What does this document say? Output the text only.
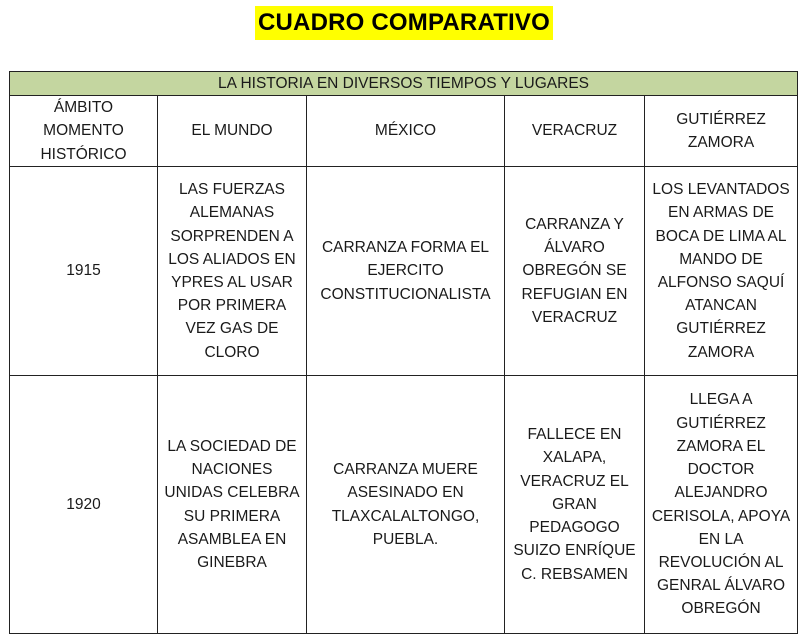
CUADRO COMPARATIVO
LA HISTORIA EN DIVERSOS TIEMPOS Y LUGARES				
ÁMBITO MOMENTO HISTÓRICO	EL MUNDO	MÉXICO	VERACRUZ	GUTIÉRREZ ZAMORA
1915	LAS FUERZAS ALEMANAS SORPRENDEN A LOS ALIADOS EN YPRES AL USAR POR PRIMERA VEZ GAS DE CLORO	CARRANZA FORMA EL EJERCITO CONSTITUCIONALISTA	CARRANZA Y ÁLVARO OBREGÓN SE REFUGIAN EN VERACRUZ	LOS LEVANTADOS EN ARMAS DE BOCA DE LIMA AL MANDO DE ALFONSO SAQUÍ ATANCAN GUTIÉRREZ ZAMORA
1920	LA SOCIEDAD DE NACIONES UNIDAS CELEBRA SU PRIMERA ASAMBLEA EN GINEBRA	CARRANZA MUERE ASESINADO EN TLAXCALALTONGO, PUEBLA.	FALLECE EN XALAPA, VERACRUZ EL GRAN PEDAGOGO SUIZO ENRÍQUE C. REBSAMEN	LLEGA A GUTIÉRREZ ZAMORA EL DOCTOR ALEJANDRO CERISOLA, APOYA EN LA REVOLUCIÓN AL GENRAL ÁLVARO OBREGÓN
